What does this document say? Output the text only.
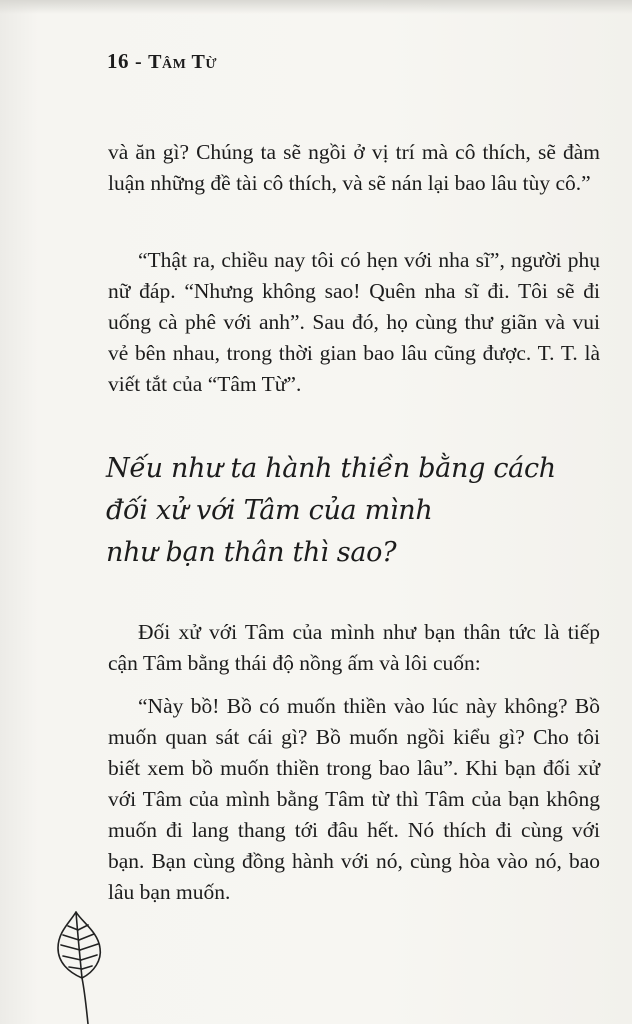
16 - Tâm Từ

và ăn gì? Chúng ta sẽ ngồi ở vị trí mà cô thích, sẽ đàm luận những đề tài cô thích, và sẽ nán lại bao lâu tùy cô.”

“Thật ra, chiều nay tôi có hẹn với nha sĩ”, người phụ nữ đáp. “Nhưng không sao! Quên nha sĩ đi. Tôi sẽ đi uống cà phê với anh”. Sau đó, họ cùng thư giãn và vui vẻ bên nhau, trong thời gian bao lâu cũng được. T. T. là viết tắt của “Tâm Từ”.

Nếu như ta hành thiền bằng cách
đối xử với Tâm của mình
như bạn thân thì sao?

Đối xử với Tâm của mình như bạn thân tức là tiếp cận Tâm bằng thái độ nồng ấm và lôi cuốn:

“Này bồ! Bồ có muốn thiền vào lúc này không? Bồ muốn quan sát cái gì? Bồ muốn ngồi kiểu gì? Cho tôi biết xem bồ muốn thiền trong bao lâu”. Khi bạn đối xử với Tâm của mình bằng Tâm từ thì Tâm của bạn không muốn đi lang thang tới đâu hết. Nó thích đi cùng với bạn. Bạn cùng đồng hành với nó, cùng hòa vào nó, bao lâu bạn muốn.
